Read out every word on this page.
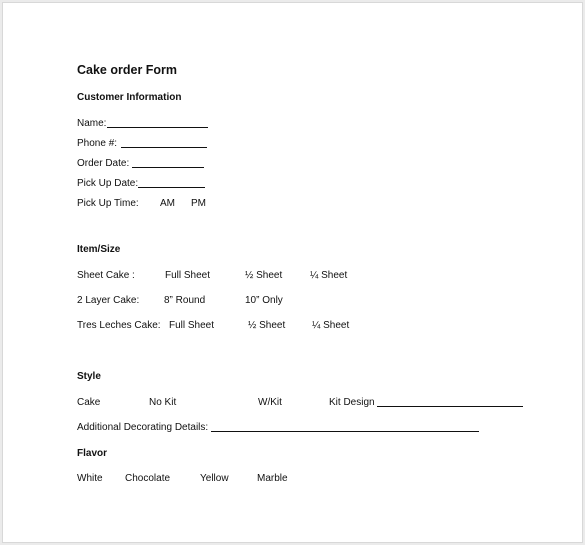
Cake order Form
Customer Information
Name:
Phone #:
Order Date:
Pick Up Date:
Pick Up Time: AM PM
Item/Size
Sheet Cake :	Full Sheet	½ Sheet	¼ Sheet
2 Layer Cake: 8” Round	10” Only
Tres Leches Cake: Full Sheet	½ Sheet	¼ Sheet
Style
Cake	No Kit	W/Kit	Kit Design
Additional Decorating Details:
Flavor
White Chocolate	Yellow	Marble
